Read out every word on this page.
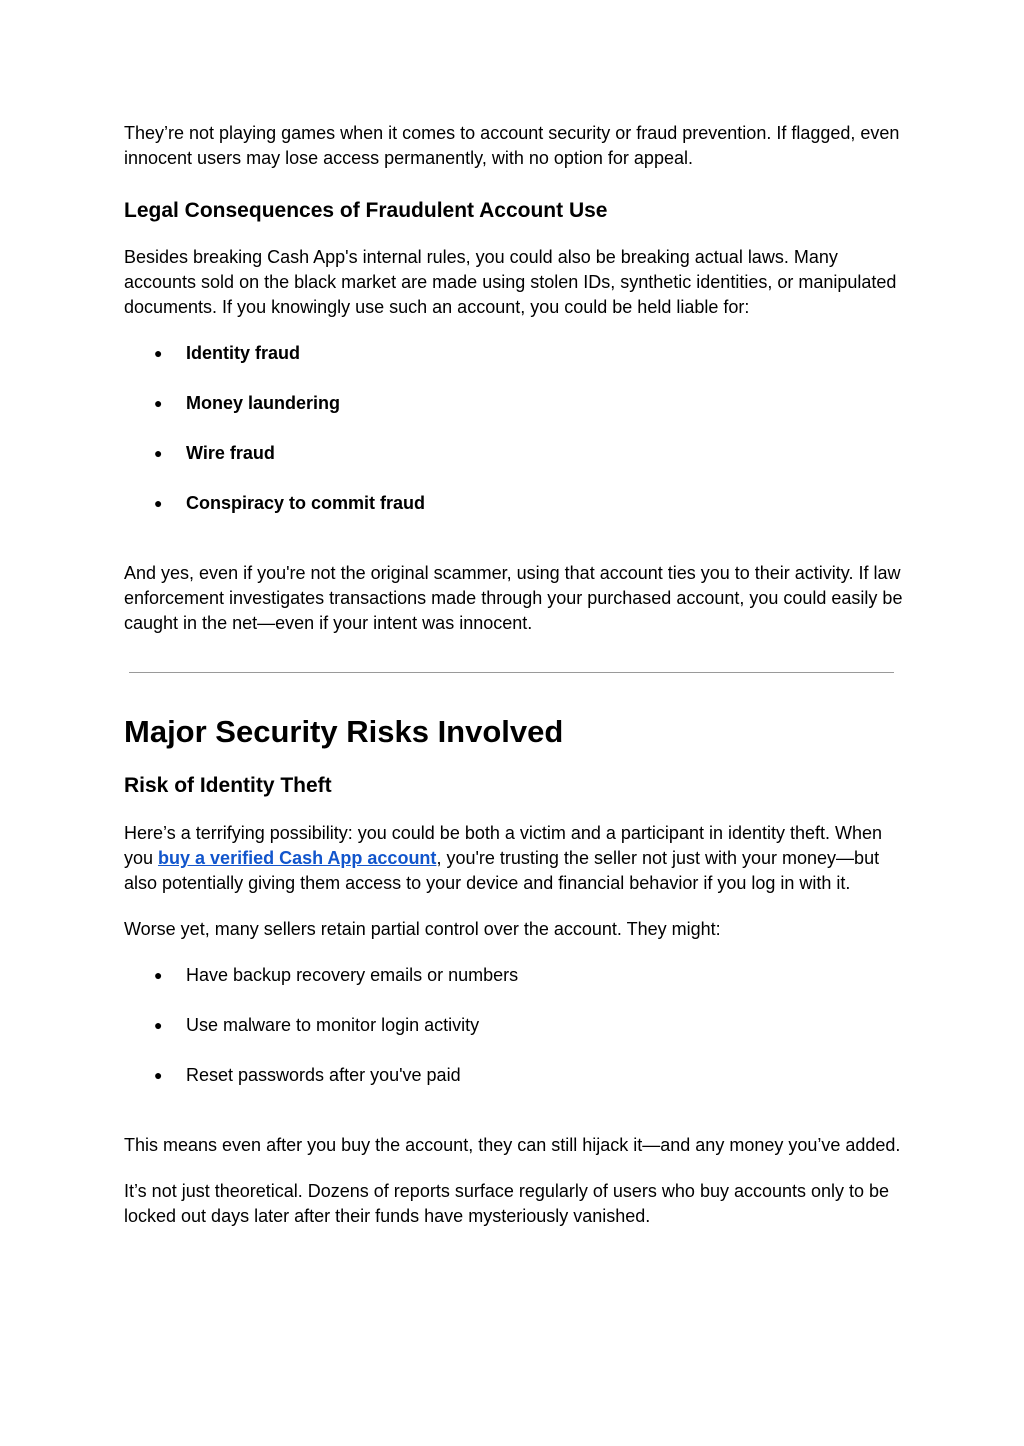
They’re not playing games when it comes to account security or fraud prevention. If flagged, even innocent users may lose access permanently, with no option for appeal.

Legal Consequences of Fraudulent Account Use

Besides breaking Cash App's internal rules, you could also be breaking actual laws. Many accounts sold on the black market are made using stolen IDs, synthetic identities, or manipulated documents. If you knowingly use such an account, you could be held liable for:

● Identity fraud
● Money laundering
● Wire fraud
● Conspiracy to commit fraud

And yes, even if you're not the original scammer, using that account ties you to their activity. If law enforcement investigates transactions made through your purchased account, you could easily be caught in the net—even if your intent was innocent.

Major Security Risks Involved
Risk of Identity Theft

Here’s a terrifying possibility: you could be both a victim and a participant in identity theft. When you buy a verified Cash App account, you're trusting the seller not just with your money—but also potentially giving them access to your device and financial behavior if you log in with it.

Worse yet, many sellers retain partial control over the account. They might:

● Have backup recovery emails or numbers
● Use malware to monitor login activity
● Reset passwords after you've paid

This means even after you buy the account, they can still hijack it—and any money you’ve added.

It’s not just theoretical. Dozens of reports surface regularly of users who buy accounts only to be locked out days later after their funds have mysteriously vanished.
